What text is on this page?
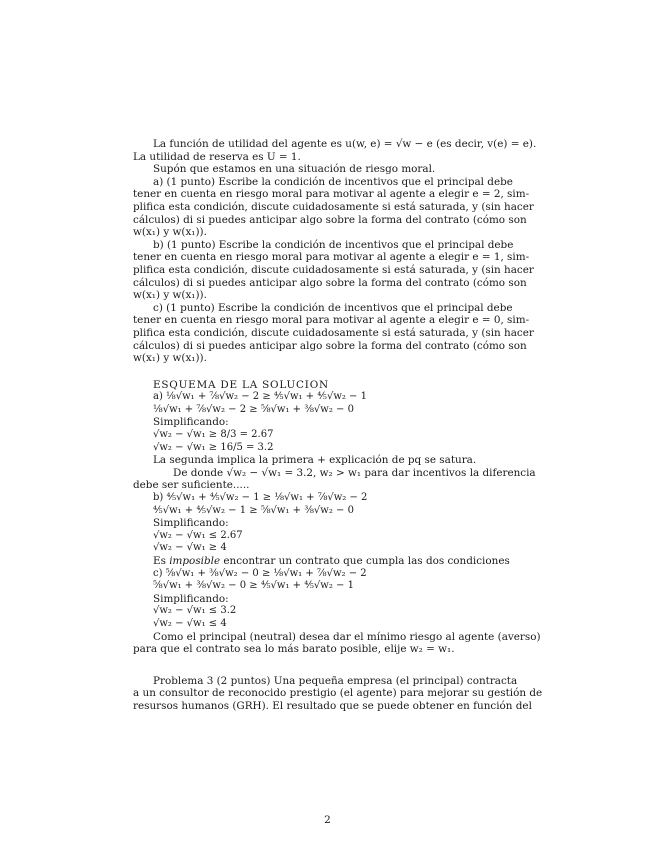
La función de utilidad del agente es u(w, e) = √w − e (es decir, v(e) = e).
La utilidad de reserva es U = 1.
Supón que estamos en una situación de riesgo moral.
a) (1 punto) Escribe la condición de incentivos que el principal debe
tener en cuenta en riesgo moral para motivar al agente a elegir e = 2, sim-
plifica esta condición, discute cuidadosamente si está saturada, y (sin hacer
cálculos) di si puedes anticipar algo sobre la forma del contrato (cómo son
w(x₁) y w(x₁)).
b) (1 punto) Escribe la condición de incentivos que el principal debe
tener en cuenta en riesgo moral para motivar al agente a elegir e = 1, sim-
plifica esta condición, discute cuidadosamente si está saturada, y (sin hacer
cálculos) di si puedes anticipar algo sobre la forma del contrato (cómo son
w(x₁) y w(x₁)).
c) (1 punto) Escribe la condición de incentivos que el principal debe
tener en cuenta en riesgo moral para motivar al agente a elegir e = 0, sim-
plifica esta condición, discute cuidadosamente si está saturada, y (sin hacer
cálculos) di si puedes anticipar algo sobre la forma del contrato (cómo son
w(x₁) y w(x₁)).
ESQUEMA DE LA SOLUCION
a) ⅛√w₁ + ⅞√w₂ − 2 ≥ ⅘√w₁ + ⅘√w₂ − 1
⅛√w₁ + ⅞√w₂ − 2 ≥ ⅝√w₁ + ⅜√w₂ − 0
Simplificando:
√w₂ − √w₁ ≥ 8/3 = 2.67
√w₂ − √w₁ ≥ 16/5 = 3.2
La segunda implica la primera + explicación de pq se satura.
De donde √w₂ − √w₁ = 3.2, w₂ > w₁ para dar incentivos la diferencia
debe ser suficiente.....
b) ⅘√w₁ + ⅘√w₂ − 1 ≥ ⅛√w₁ + ⅞√w₂ − 2
⅘√w₁ + ⅘√w₂ − 1 ≥ ⅝√w₁ + ⅜√w₂ − 0
Simplificando:
√w₂ − √w₁ ≤ 2.67
√w₂ − √w₁ ≥ 4
Es imposible encontrar un contrato que cumpla las dos condiciones
c) ⅝√w₁ + ⅜√w₂ − 0 ≥ ⅛√w₁ + ⅞√w₂ − 2
⅝√w₁ + ⅜√w₂ − 0 ≥ ⅘√w₁ + ⅘√w₂ − 1
Simplificando:
√w₂ − √w₁ ≤ 3.2
√w₂ − √w₁ ≤ 4
Como el principal (neutral) desea dar el mínimo riesgo al agente (averso)
para que el contrato sea lo más barato posible, elije w₂ = w₁.
Problema 3 (2 puntos) Una pequeña empresa (el principal) contracta
a un consultor de reconocido prestigio (el agente) para mejorar su gestión de
resursos humanos (GRH). El resultado que se puede obtener en función del
2
